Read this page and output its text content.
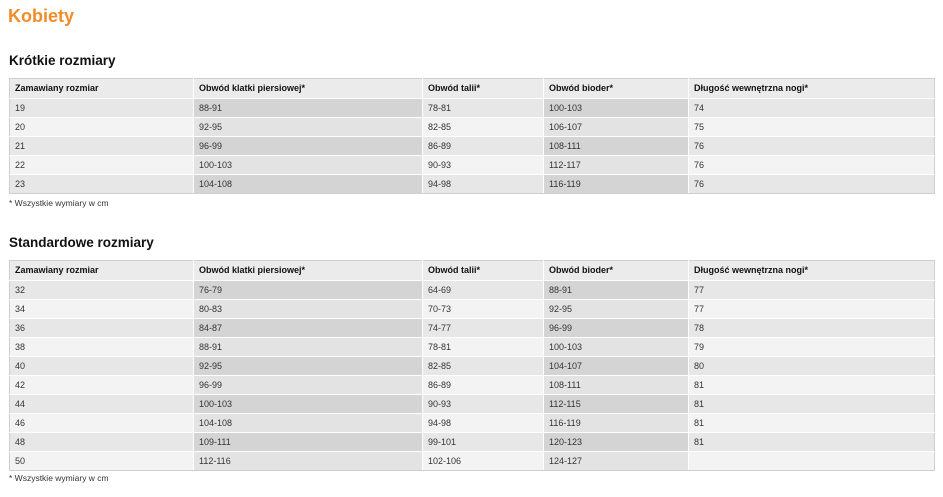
Kobiety
Krótkie rozmiary
Zamawiany rozmiar	Obwód klatki piersiowej*	Obwód talii*	Obwód bioder*	Długość wewnętrzna nogi*
19	88-91	78-81	100-103	74
20	92-95	82-85	106-107	75
21	96-99	86-89	108-111	76
22	100-103	90-93	112-117	76
23	104-108	94-98	116-119	76

* Wszystkie wymiary w cm

Standardowe rozmiary
Zamawiany rozmiar	Obwód klatki piersiowej*	Obwód talii*	Obwód bioder*	Długość wewnętrzna nogi*
32	76-79	64-69	88-91	77
34	80-83	70-73	92-95	77
36	84-87	74-77	96-99	78
38	88-91	78-81	100-103	79
40	92-95	82-85	104-107	80
42	96-99	86-89	108-111	81
44	100-103	90-93	112-115	81
46	104-108	94-98	116-119	81
48	109-111	99-101	120-123	81
50	112-116	102-106	124-127	

* Wszystkie wymiary w cm
